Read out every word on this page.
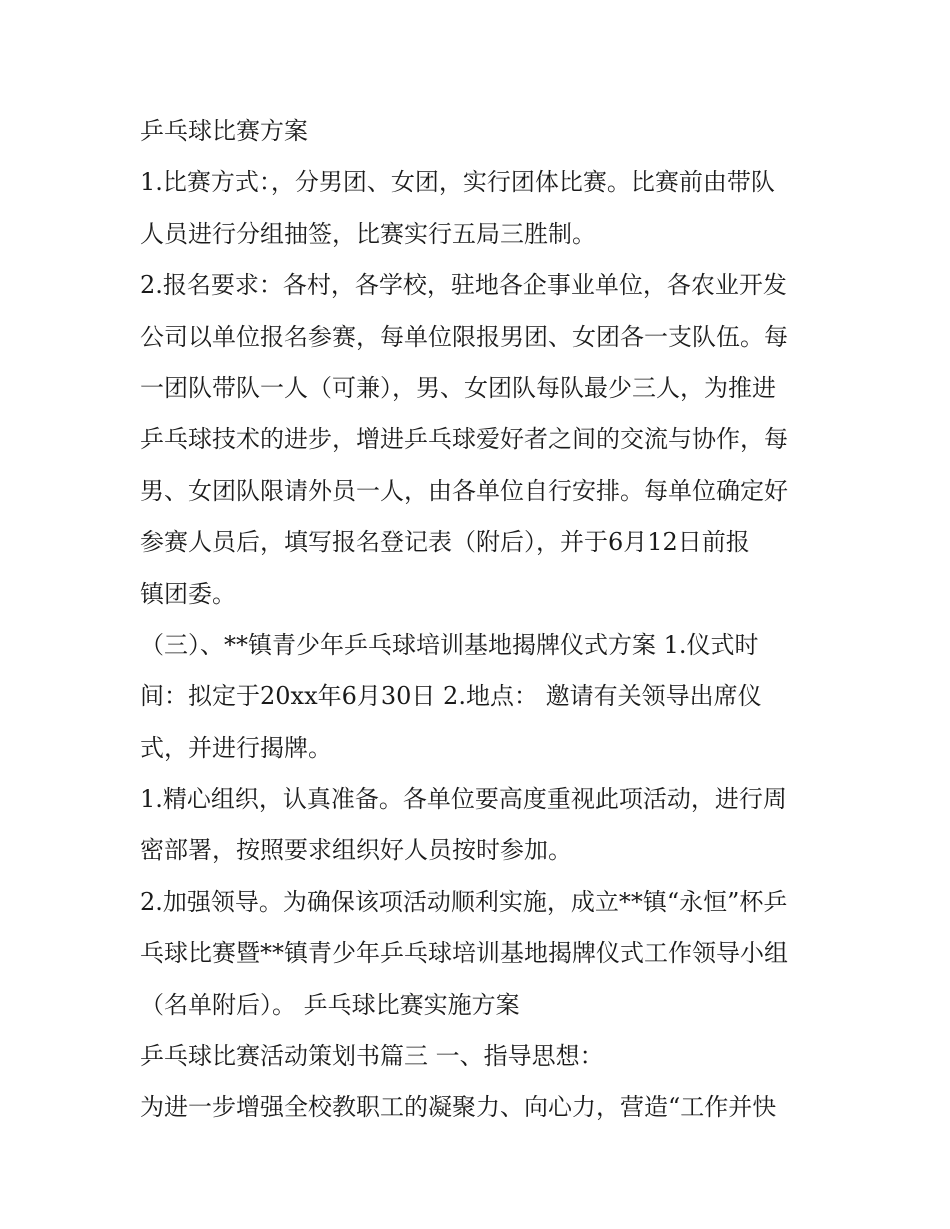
乒乓球比赛方案
1.比赛方式：，分男团、女团，实行团体比赛。比赛前由带队
人员进行分组抽签，比赛实行五局三胜制。
2.报名要求：各村，各学校，驻地各企事业单位，各农业开发
公司以单位报名参赛，每单位限报男团、女团各一支队伍。每
一团队带队一人（可兼），男、女团队每队最少三人，为推进
乒乓球技术的进步，增进乒乓球爱好者之间的交流与协作，每
男、女团队限请外员一人，由各单位自行安排。每单位确定好
参赛人员后，填写报名登记表（附后），并于6月12日前报
镇团委。
（三）、**镇青少年乒乓球培训基地揭牌仪式方案 1.仪式时
间：拟定于20xx年6月30日 2.地点： 邀请有关领导出席仪
式，并进行揭牌。
1.精心组织，认真准备。各单位要高度重视此项活动，进行周
密部署，按照要求组织好人员按时参加。
2.加强领导。为确保该项活动顺利实施，成立**镇“永恒”杯乒
乓球比赛暨**镇青少年乒乓球培训基地揭牌仪式工作领导小组
（名单附后）。 乒乓球比赛实施方案
乒乓球比赛活动策划书篇三 一、指导思想：
为进一步增强全校教职工的凝聚力、向心力，营造“工作并快
